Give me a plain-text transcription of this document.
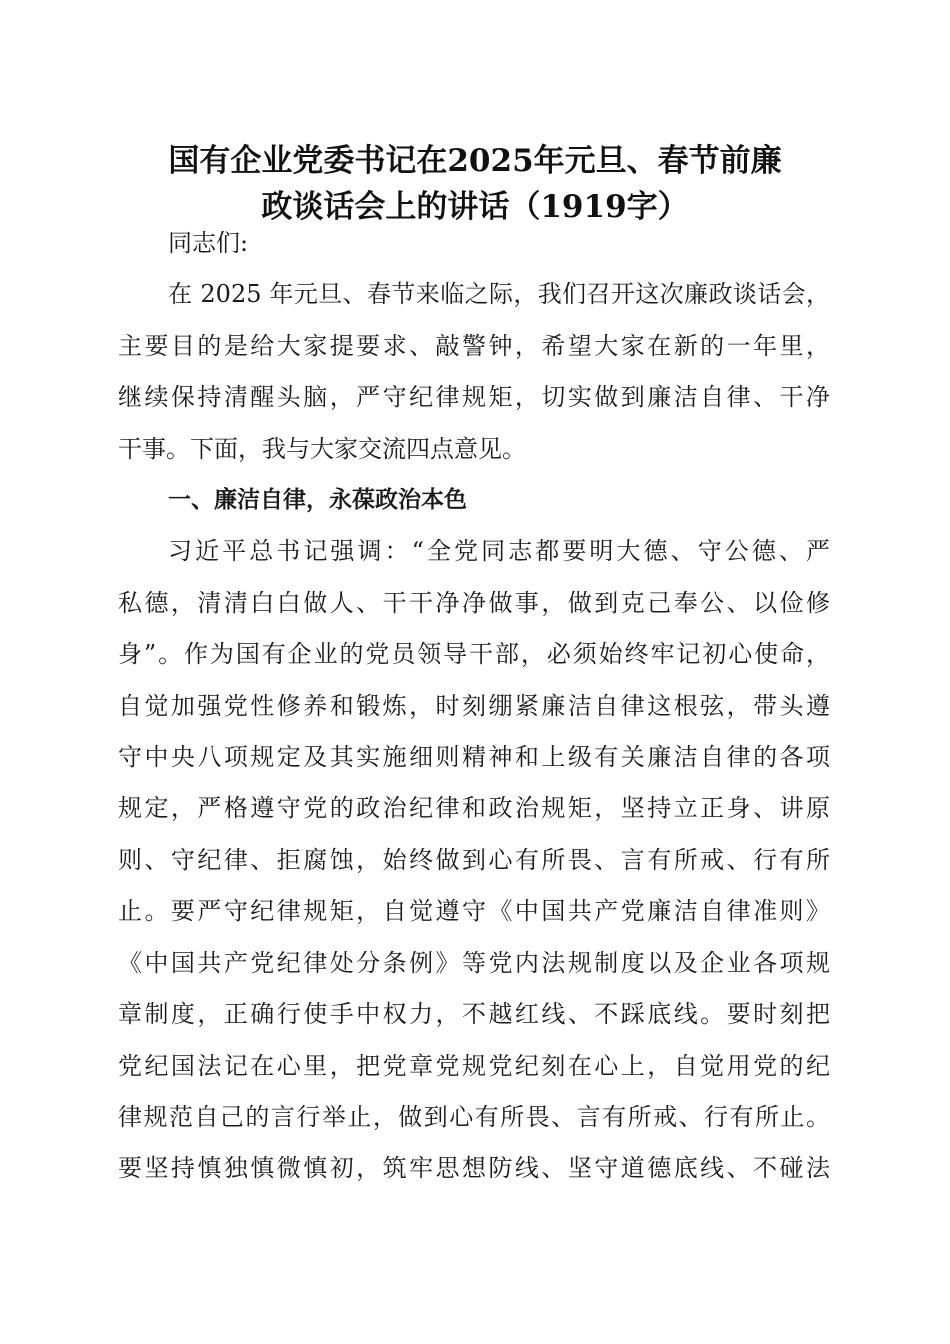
国有企业党委书记在2025年元旦、春节前廉
政谈话会上的讲话（1919字）
同志们:
在 2025 年元旦、春节来临之际，我们召开这次廉政谈话会，
主要目的是给大家提要求、敲警钟，希望大家在新的一年里，
继续保持清醒头脑，严守纪律规矩，切实做到廉洁自律、干净
干事。下面，我与大家交流四点意见。
一、廉洁自律，永葆政治本色
习近平总书记强调：“全党同志都要明大德、守公德、严
私德，清清白白做人、干干净净做事，做到克己奉公、以俭修
身”。作为国有企业的党员领导干部，必须始终牢记初心使命，
自觉加强党性修养和锻炼，时刻绷紧廉洁自律这根弦，带头遵
守中央八项规定及其实施细则精神和上级有关廉洁自律的各项
规定，严格遵守党的政治纪律和政治规矩，坚持立正身、讲原
则、守纪律、拒腐蚀，始终做到心有所畏、言有所戒、行有所
止。要严守纪律规矩，自觉遵守《中国共产党廉洁自律准则》
《中国共产党纪律处分条例》等党内法规制度以及企业各项规
章制度，正确行使手中权力，不越红线、不踩底线。要时刻把
党纪国法记在心里，把党章党规党纪刻在心上，自觉用党的纪
律规范自己的言行举止，做到心有所畏、言有所戒、行有所止。
要坚持慎独慎微慎初，筑牢思想防线、坚守道德底线、不碰法
